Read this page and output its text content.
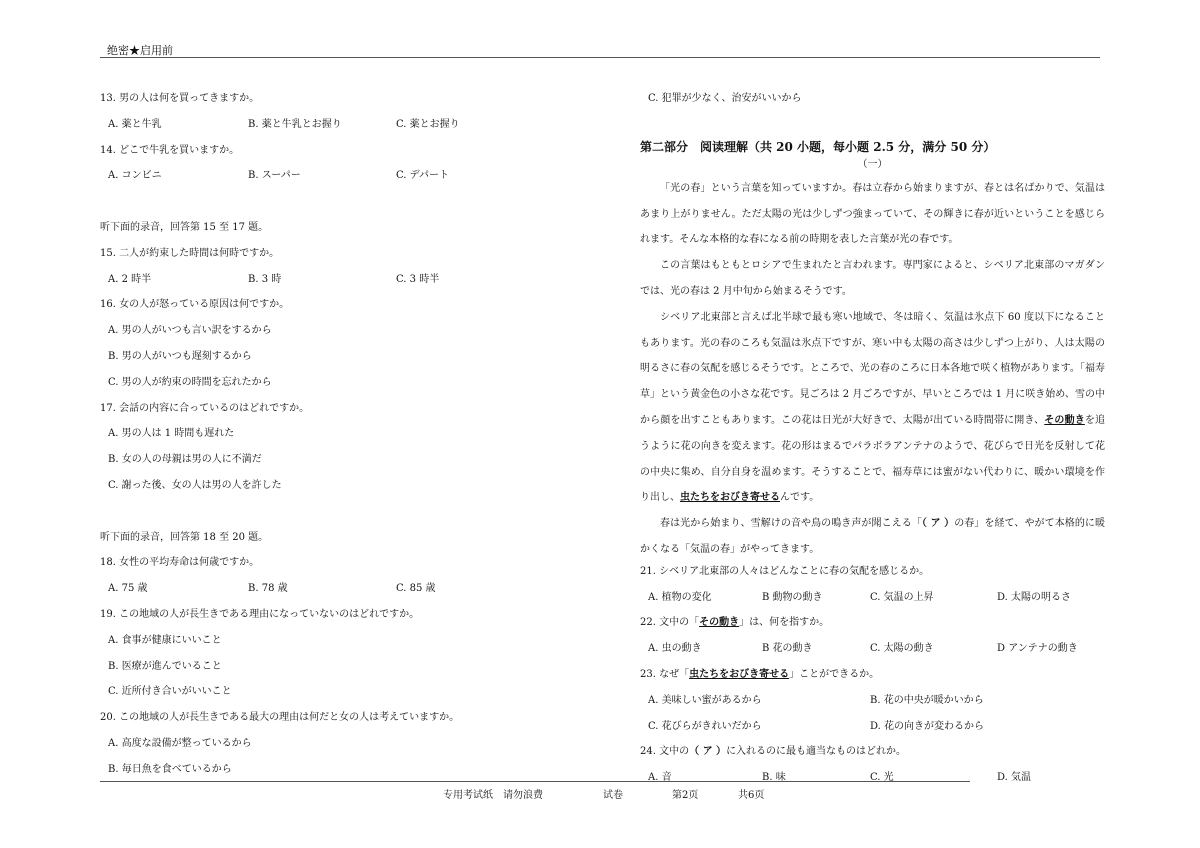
绝密★启用前
13. 男の人は何を買ってきますか。
A. 薬と牛乳	B. 薬と牛乳とお握り	C. 薬とお握り
14. どこで牛乳を買いますか。
A. コンビニ	B. スーパー	C. デパート
听下面的录音，回答第 15 至 17 题。
15. 二人が約束した時間は何時ですか。
A. 2 時半	B. 3 時	C. 3 時半
16. 女の人が怒っている原因は何ですか。
A. 男の人がいつも言い訳をするから
B. 男の人がいつも遅刻するから
C. 男の人が約束の時間を忘れたから
17. 会話の内容に合っているのはどれですか。
A. 男の人は 1 時間も遅れた
B. 女の人の母親は男の人に不満だ
C. 謝った後、女の人は男の人を許した
听下面的录音，回答第 18 至 20 题。
18. 女性の平均寿命は何歳ですか。
A. 75 歳	B. 78 歳	C. 85 歳
19. この地域の人が長生きである理由になっていないのはどれですか。
A. 食事が健康にいいこと
B. 医療が進んでいること
C. 近所付き合いがいいこと
20. この地域の人が長生きである最大の理由は何だと女の人は考えていますか。
A. 高度な設備が整っているから
B. 毎日魚を食べているから
C. 犯罪が少なく、治安がいいから
第二部分　阅读理解（共 20 小题，每小题 2.5 分，满分 50 分）
（一）

「光の春」という言葉を知っていますか。春は立春から始まりますが、春とは名ばかりで、気温はあまり上がりません。ただ太陽の光は少しずつ強まっていて、その輝きに春が近いということを感じられます。そんな本格的な春になる前の時期を表した言葉が光の春です。

この言葉はもともとロシアで生まれたと言われます。専門家によると、シベリア北東部のマガダンでは、光の春は 2 月中旬から始まるそうです。

シベリア北東部と言えば北半球で最も寒い地域で、冬は暗く、気温は氷点下 60 度以下になることもあります。光の春のころも気温は氷点下ですが、寒い中も太陽の高さは少しずつ上がり、人は太陽の明るさに春の気配を感じるそうです。ところで、光の春のころに日本各地で咲く植物があります。「福寿草」という黄金色の小さな花です。見ごろは 2 月ごろですが、早いところでは 1 月に咲き始め、雪の中から顔を出すこともあります。この花は日光が大好きで、太陽が出ている時間帯に開き、その動きを追うように花の向きを変えます。花の形はまるでパラボラアンテナのようで、花びらで日光を反射して花の中央に集め、自分自身を温めます。そうすることで、福寿草には蜜がない代わりに、暖かい環境を作り出し、虫たちをおびき寄せるんです。

春は光から始まり、雪解けの音や鳥の鳴き声が聞こえる「（ ア ）の春」を経て、やがて本格的に暖かくなる「気温の春」がやってきます。

21. シベリア北東部の人々はどんなことに春の気配を感じるか。
A. 植物の変化	B 動物の動き	C. 気温の上昇	D. 太陽の明るさ
22. 文中の「その動き」は、何を指すか。
A. 虫の動き	B 花の動き	C. 太陽の動き	D アンテナの動き
23. なぜ「虫たちをおびき寄せる」ことができるか。
A. 美味しい蜜があるから	B. 花の中央が暖かいから
C. 花びらがきれいだから	D. 花の向きが変わるから
24. 文中の（ ア ）に入れるのに最も適当なものはどれか。
A. 音	B. 味	C. 光	D. 気温
专用考试纸　请勿浪费	试卷	第2页	共6页
